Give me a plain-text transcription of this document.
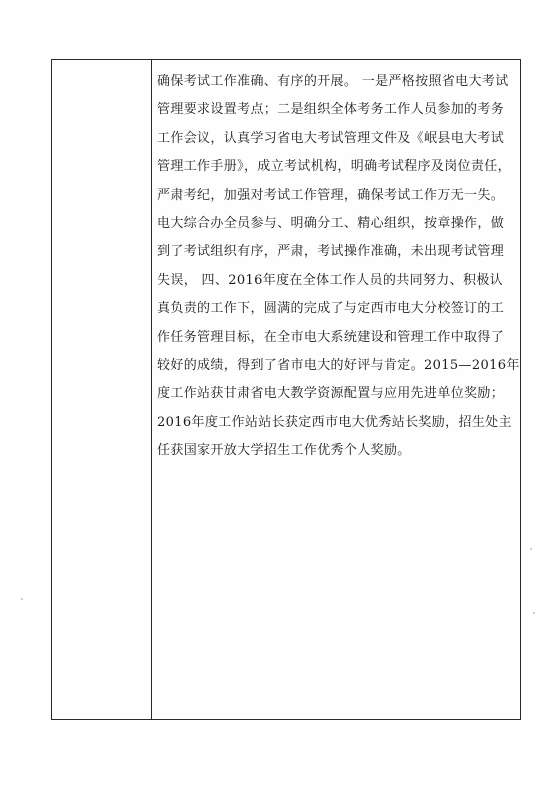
确保考试工作准确、有序的开展。 一是严格按照省电大考试
管理要求设置考点；二是组织全体考务工作人员参加的考务
工作会议，认真学习省电大考试管理文件及《岷县电大考试
管理工作手册》，成立考试机构，明确考试程序及岗位责任，
严肃考纪，加强对考试工作管理，确保考试工作万无一失。
电大综合办全员参与、明确分工、精心组织，按章操作，做
到了考试组织有序，严肃，考试操作准确，未出现考试管理
失误， 四、2016年度在全体工作人员的共同努力、积极认
真负责的工作下，圆满的完成了与定西市电大分校签订的工
作任务管理目标，在全市电大系统建设和管理工作中取得了
较好的成绩，得到了省市电大的好评与肯定。2015—2016年
度工作站获甘肃省电大教学资源配置与应用先进单位奖励；
2016年度工作站站长获定西市电大优秀站长奖励，招生处主
任获国家开放大学招生工作优秀个人奖励。
